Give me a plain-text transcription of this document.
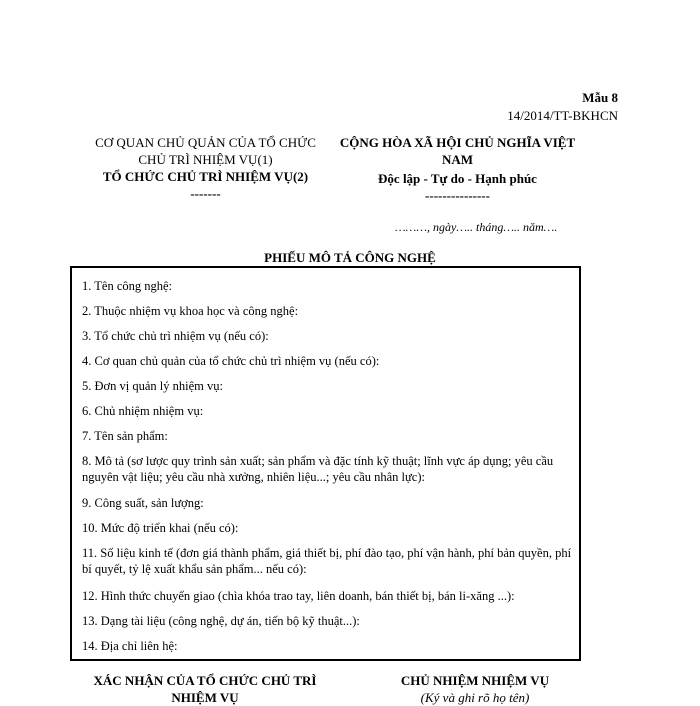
Mẫu 8
14/2014/TT-BKHCN
CƠ QUAN CHỦ QUẢN CỦA TỔ CHỨC
CHỦ TRÌ NHIỆM VỤ(1)
TỔ CHỨC CHỦ TRÌ NHIỆM VỤ(2)
-------
CỘNG HÒA XÃ HỘI CHỦ NGHĨA VIỆT
NAM
Độc lập - Tự do - Hạnh phúc
---------------
………, ngày….. tháng….. năm….
PHIẾU MÔ TẢ CÔNG NGHỆ
1. Tên công nghệ:
2. Thuộc nhiệm vụ khoa học và công nghệ:
3. Tổ chức chủ trì nhiệm vụ (nếu có):
4. Cơ quan chủ quản của tổ chức chủ trì nhiệm vụ (nếu có):
5. Đơn vị quản lý nhiệm vụ:
6. Chủ nhiệm nhiệm vụ:
7. Tên sản phẩm:
8. Mô tả (sơ lược quy trình sản xuất; sản phẩm và đặc tính kỹ thuật; lĩnh vực áp dụng; yêu cầu nguyên vật liệu; yêu cầu nhà xưởng, nhiên liệu...; yêu cầu nhân lực):
9. Công suất, sản lượng:
10. Mức độ triển khai (nếu có):
11. Số liệu kinh tế (đơn giá thành phẩm, giá thiết bị, phí đào tạo, phí vận hành, phí bản quyền, phí bí quyết, tỷ lệ xuất khẩu sản phẩm... nếu có):
12. Hình thức chuyển giao (chìa khóa trao tay, liên doanh, bán thiết bị, bán li-xăng ...):
13. Dạng tài liệu (công nghệ, dự án, tiến bộ kỹ thuật...):
14. Địa chỉ liên hệ:
XÁC NHẬN CỦA TỔ CHỨC CHỦ TRÌ
NHIỆM VỤ
CHỦ NHIỆM NHIỆM VỤ
(Ký và ghi rõ họ tên)
